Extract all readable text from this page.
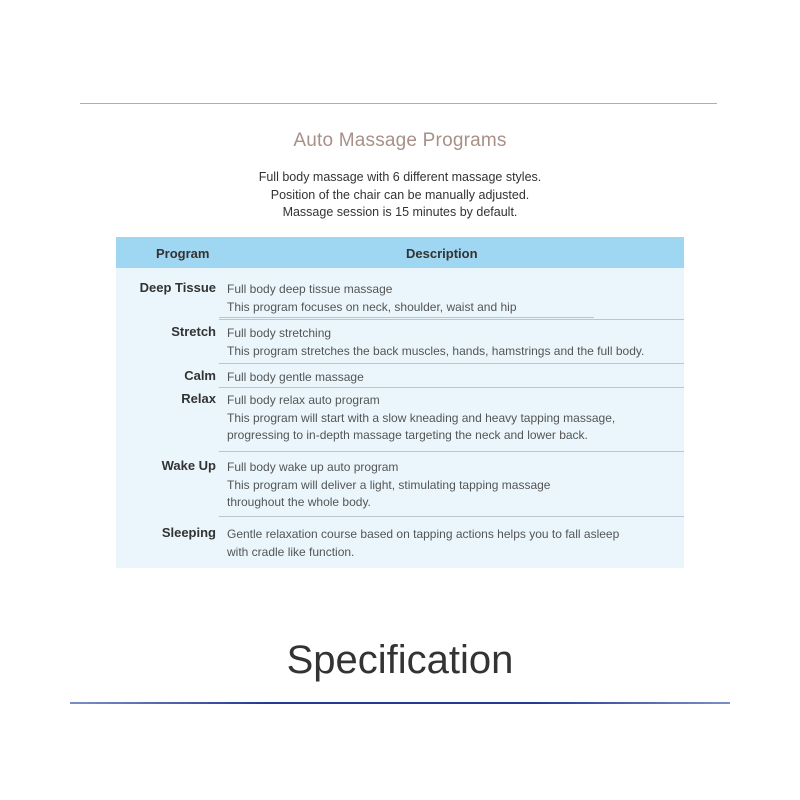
Auto Massage Programs
Full body massage with 6 different massage styles.
Position of the chair can be manually adjusted.
Massage session is 15 minutes by default.
Program	Description
Deep Tissue Full body deep tissue massage
This program focuses on neck, shoulder, waist and hip
Stretch Full body stretching
This program stretches the back muscles, hands, hamstrings and the full body.
Calm Full body gentle massage
Relax Full body relax auto program
This program will start with a slow kneading and heavy tapping massage,
progressing to in-depth massage targeting the neck and lower back.
Wake Up Full body wake up auto program
This program will deliver a light, stimulating tapping massage
throughout the whole body.
Sleeping Gentle relaxation course based on tapping actions helps you to fall asleep
with cradle like function.
Specification
